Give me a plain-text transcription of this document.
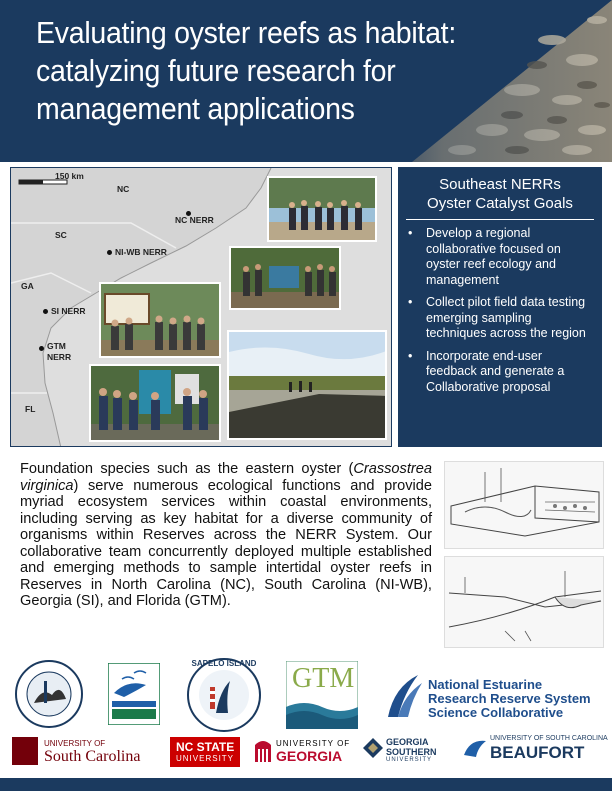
Evaluating oyster reefs as habitat:
catalyzing future research for
management applications
150 km
NC
SC
GA
FL
NC NERR
NI-WB NERR
SI NERR
GTM
NERR
Southeast NERRs
Oyster Catalyst Goals
• Develop a regional collaborative focused on oyster reef ecology and management
• Collect pilot field data testing emerging sampling techniques across the region
• Incorporate end-user feedback and generate a Collaborative proposal

Foundation species such as the eastern oyster (Crassostrea virginica) serve numerous ecological functions and provide myriad ecosystem services within coastal environments, including serving as key habitat for a diverse community of organisms within Reserves across the NERR System. Our collaborative team concurrently deployed multiple established and emerging methods to sample intertidal oyster reefs in Reserves in North Carolina (NC), South Carolina (NI-WB), Georgia (SI), and Florida (GTM).

SAPELO ISLAND GTM	National Estuarine
Research Reserve System
Science Collaborative
UNIVERSITY OF
South Carolina
NC STATE
UNIVERSITY
UNIVERSITY OF
GEORGIA
GEORGIA
SOUTHERN
UNIVERSITY
UNIVERSITY OF SOUTH CAROLINA
BEAUFORT
